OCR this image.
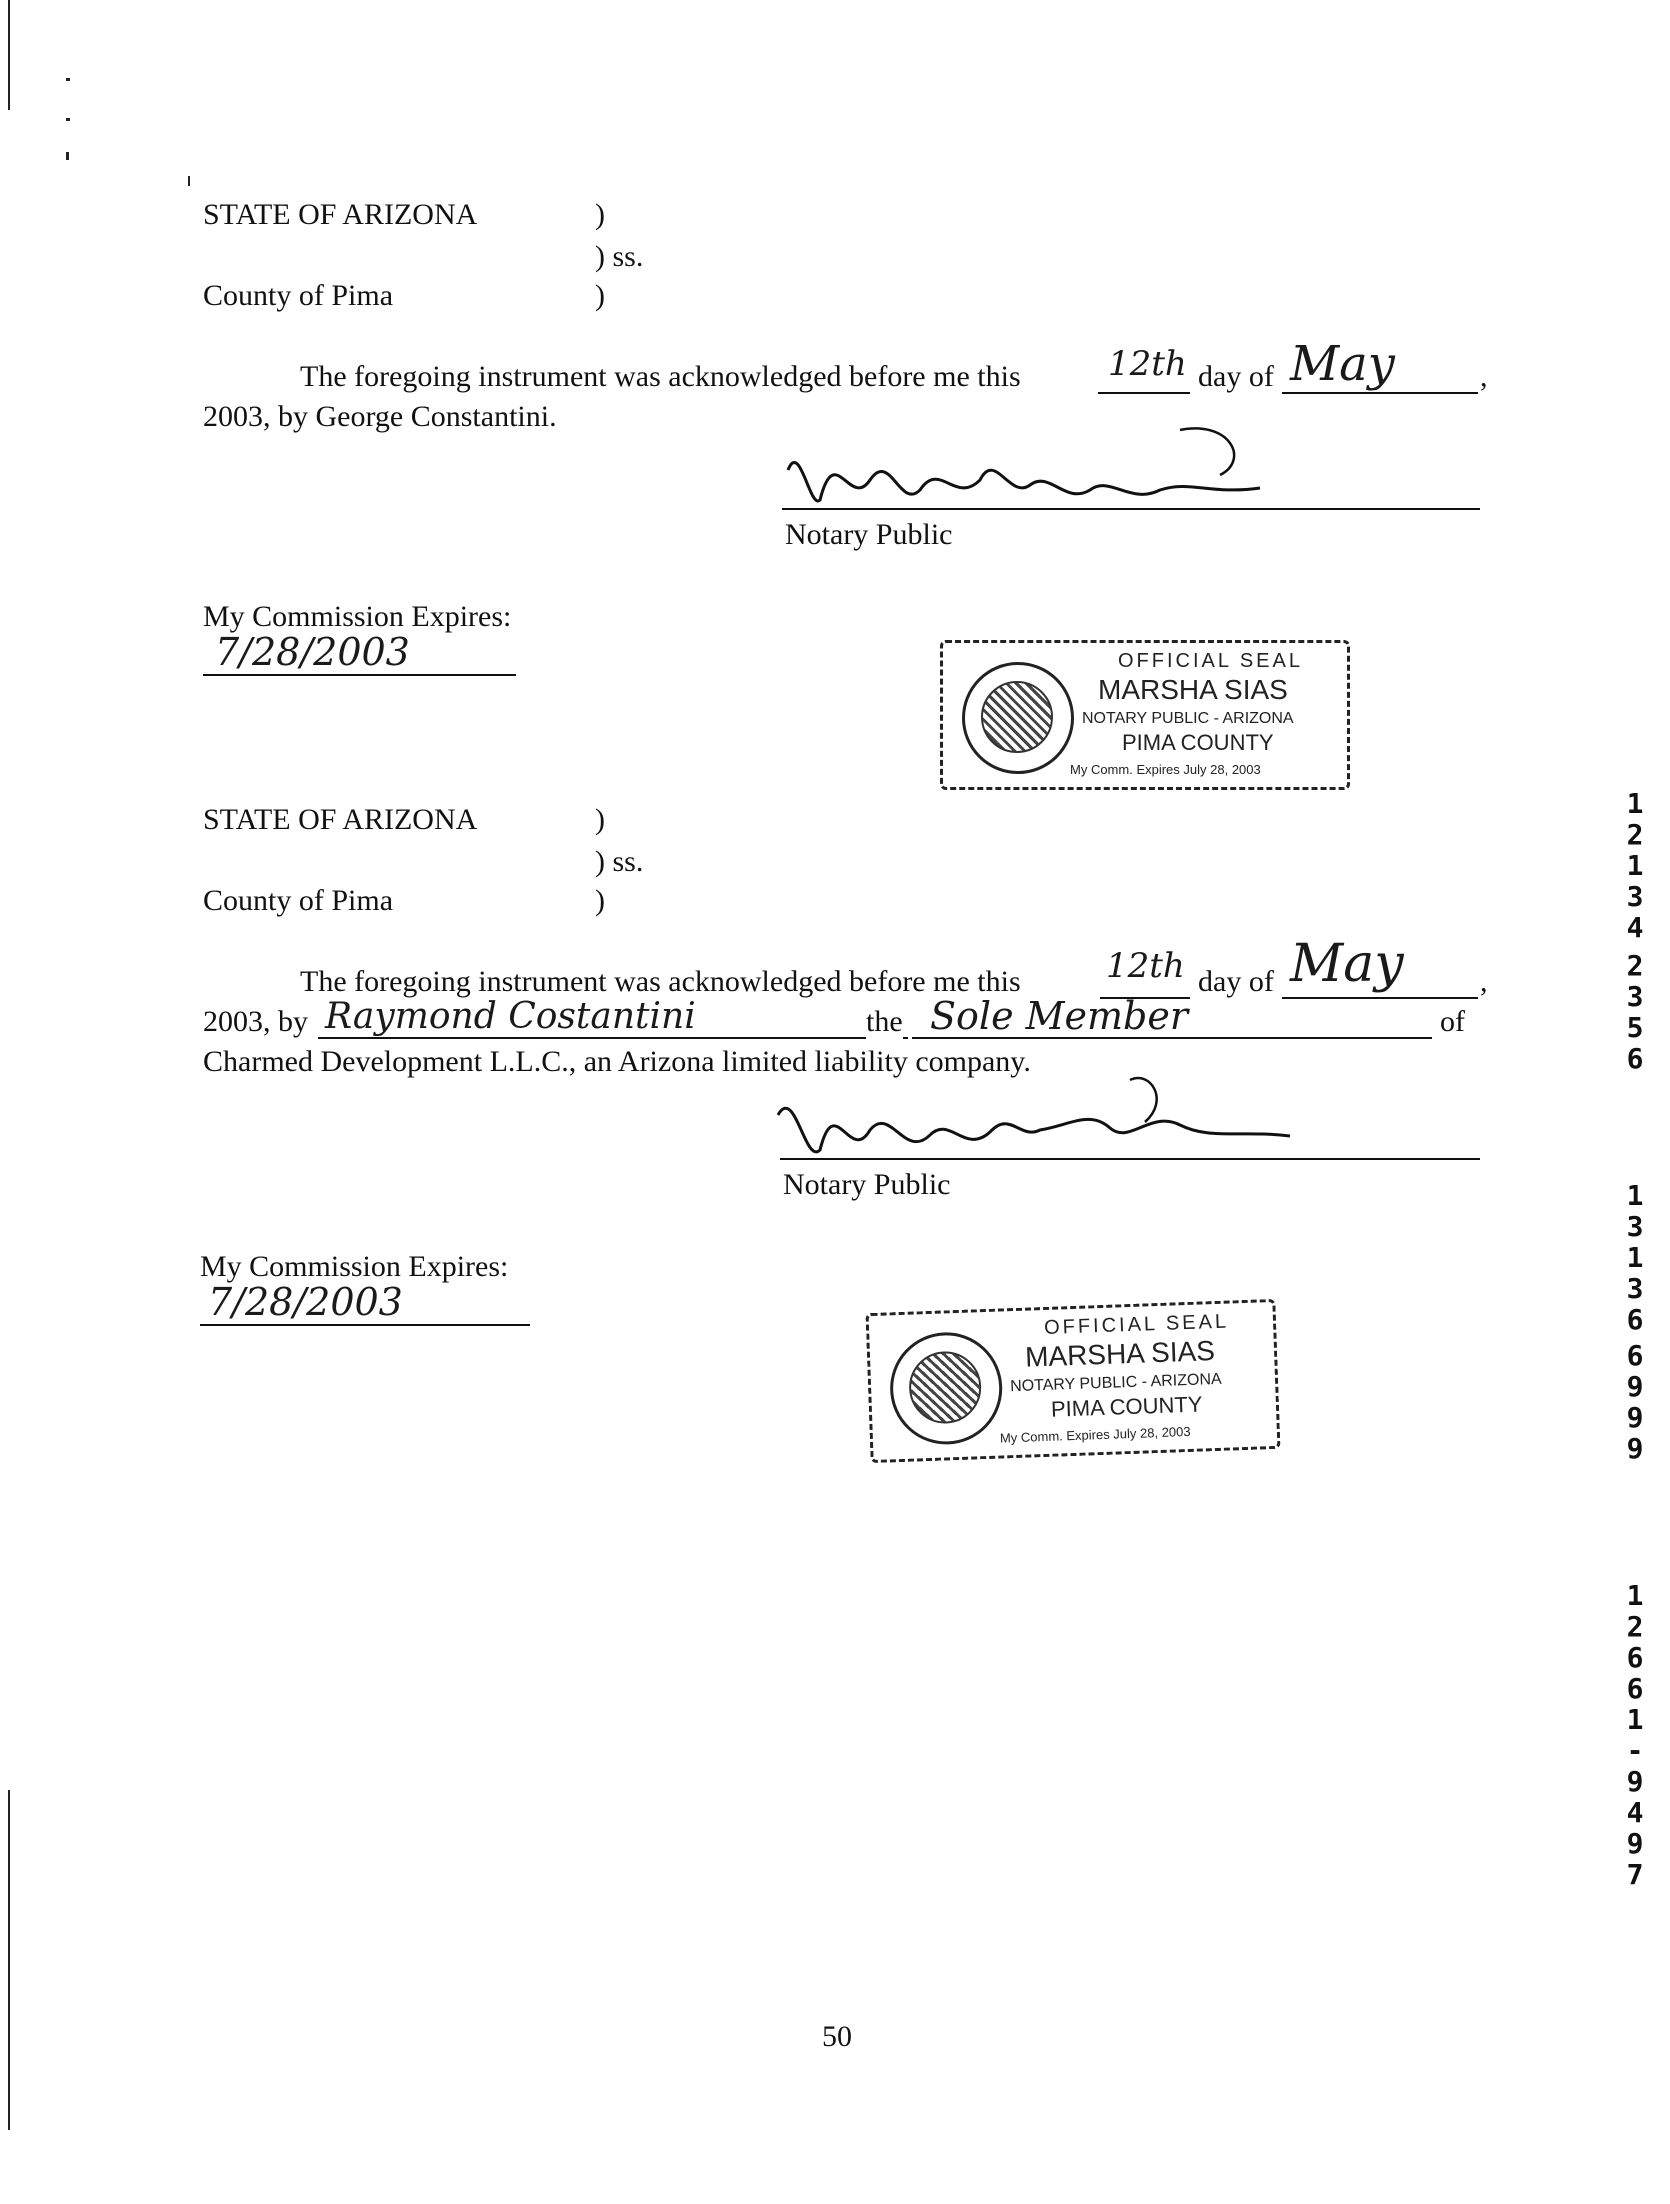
STATE OF ARIZONA	)
) ss.
County of Pima	)
The foregoing instrument was acknowledged before me this	12th day of May	,
2003, by George Constantini.
Notary Public
My Commission Expires:
7/28/2003	OFFICIAL SEAL
MARSHA SIAS
NOTARY PUBLIC - ARIZONA
PIMA COUNTY
My Comm. Expires July 28, 2003
STATE OF ARIZONA	)
) ss.
County of Pima	)
The foregoing instrument was acknowledged before me this	12th day of May	,
2003, by Raymond Costantini	the Sole Member	of
Charmed Development L.L.C., an Arizona limited liability company.
Notary Public
My Commission Expires:
7/28/2003
OFFICIAL SEAL
MARSHA SIAS
NOTARY PUBLIC - ARIZONA
PIMA COUNTY
My Comm. Expires July 28, 2003
1
2
1
3
4
2
3
5
6
1
3
1
3
6
6
9
9
9
1
2
6
6
1
-
9
4
9
7
50
